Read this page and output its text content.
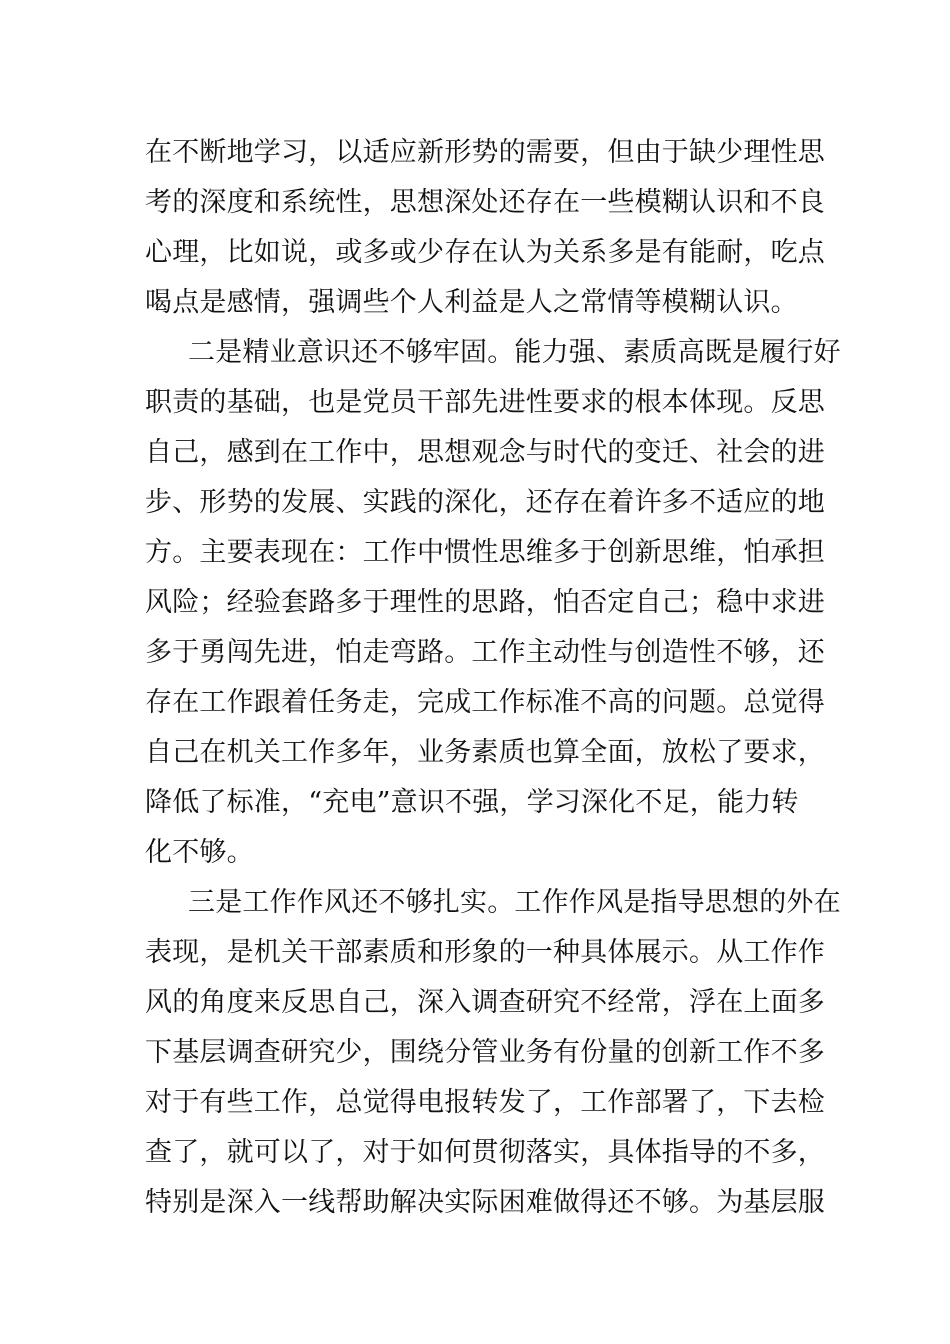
在不断地学习，以适应新形势的需要，但由于缺少理性思
考的深度和系统性，思想深处还存在一些模糊认识和不良
心理，比如说，或多或少存在认为关系多是有能耐，吃点
喝点是感情，强调些个人利益是人之常情等模糊认识。
二是精业意识还不够牢固。能力强、素质高既是履行好
职责的基础，也是党员干部先进性要求的根本体现。反思
自己，感到在工作中，思想观念与时代的变迁、社会的进
步、形势的发展、实践的深化，还存在着许多不适应的地
方。主要表现在：工作中惯性思维多于创新思维，怕承担
风险；经验套路多于理性的思路，怕否定自己；稳中求进
多于勇闯先进，怕走弯路。工作主动性与创造性不够，还
存在工作跟着任务走，完成工作标准不高的问题。总觉得
自己在机关工作多年，业务素质也算全面，放松了要求，
降低了标准，“充电”意识不强，学习深化不足，能力转
化不够。
三是工作作风还不够扎实。工作作风是指导思想的外在
表现，是机关干部素质和形象的一种具体展示。从工作作
风的角度来反思自己，深入调查研究不经常，浮在上面多
下基层调查研究少，围绕分管业务有份量的创新工作不多
对于有些工作，总觉得电报转发了，工作部署了，下去检
查了，就可以了，对于如何贯彻落实，具体指导的不多，
特别是深入一线帮助解决实际困难做得还不够。为基层服
